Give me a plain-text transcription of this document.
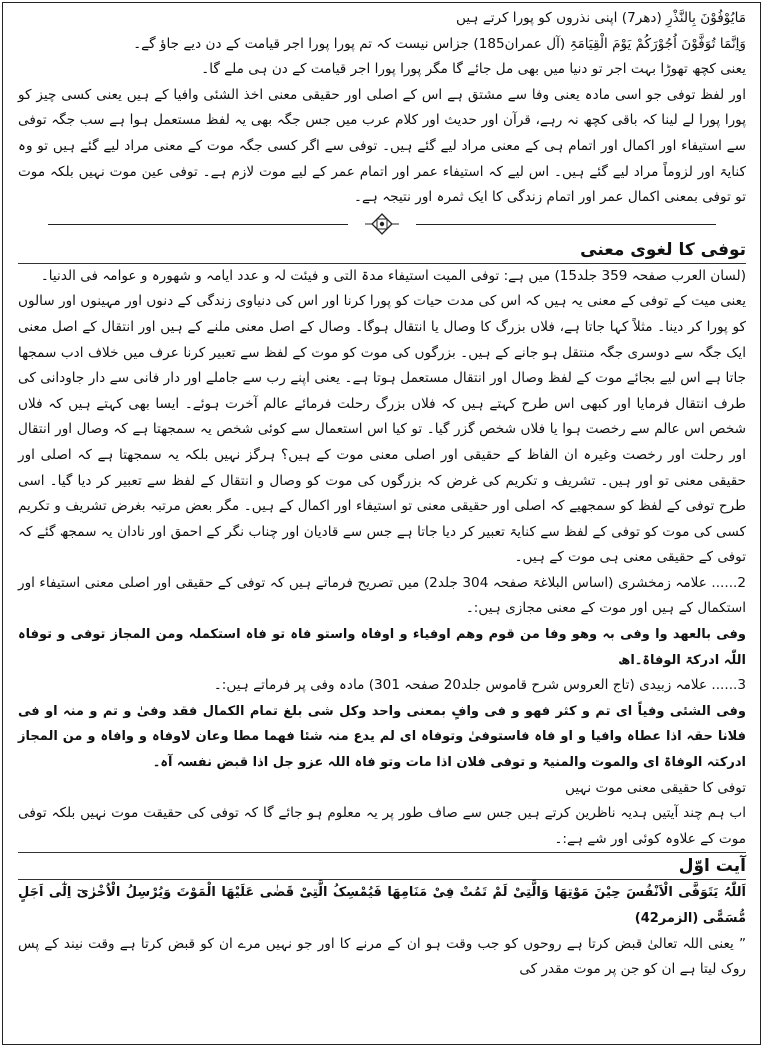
مَایُوْفُوْنَ بِالنَّذْرِ (دھر7) اپنی نذروں کو پورا کرتے ہیں

وَاِنَّمَا تُوَفَّوْنَ اُجُوْرَکُمْ یَوْمَ الْقِیَامَۃِ (آل عمران185) جزاس نیست کہ تم پورا پورا اجر قیامت کے دن دیے جاؤ گے۔

یعنی کچھ تھوڑا بہت اجر تو دنیا میں بھی مل جائے گا مگر پورا پورا اجر قیامت کے دن ہی ملے گا۔

اور لفظ توفی جو اسی مادہ یعنی وفا سے مشتق ہے اس کے اصلی اور حقیقی معنی اخذ الشئی وافیا کے ہیں یعنی کسی چیز کو پورا پورا لے لینا کہ باقی کچھ نہ رہے، قرآن اور حدیث اور کلام عرب میں جس جگہ بھی یہ لفظ مستعمل ہوا ہے سب جگہ توفی سے استیفاء اور اکمال اور اتمام ہی کے معنی مراد لیے گئے ہیں۔ توفی سے اگر کسی جگہ موت کے معنی مراد لیے گئے ہیں تو وہ کنایۃ اور لزوماً مراد لیے گئے ہیں۔ اس لیے کہ استیفاء عمر اور اتمام عمر کے لیے موت لازم ہے۔ توفی عین موت نہیں بلکہ موت تو توفی بمعنی اکمال عمر اور اتمام زندگی کا ایک ثمرہ اور نتیجہ ہے۔

توفی کا لغوی معنی

(لسان العرب صفحہ 359 جلد15) میں ہے: توفی المیت استیفاء مدۃ التی و فیئت لہ و عدد ایامہ و شھورہ و عوامہ فی الدنیا۔

یعنی میت کے توفی کے معنی یہ ہیں کہ اس کی مدت حیات کو پورا کرنا اور اس کی دنیاوی زندگی کے دنوں اور مہینوں اور سالوں کو پورا کر دینا۔ مثلاً کہا جاتا ہے، فلاں بزرگ کا وصال یا انتقال ہوگا۔ وصال کے اصل معنی ملنے کے ہیں اور انتقال کے اصل معنی ایک جگہ سے دوسری جگہ منتقل ہو جانے کے ہیں۔ بزرگوں کی موت کو موت کے لفظ سے تعبیر کرنا عرف میں خلاف ادب سمجھا جاتا ہے اس لیے بجائے موت کے لفظ وصال اور انتقال مستعمل ہوتا ہے۔ یعنی اپنے رب سے جاملے اور دار فانی سے دار جاودانی کی طرف انتقال فرمایا اور کبھی اس طرح کہتے ہیں کہ فلاں بزرگ رحلت فرمائے عالم آخرت ہوئے۔ ایسا بھی کہتے ہیں کہ فلاں شخص اس عالم سے رخصت ہوا یا فلاں شخص گزر گیا۔ تو کیا اس استعمال سے کوئی شخص یہ سمجھتا ہے کہ وصال اور انتقال اور رحلت اور رخصت وغیرہ ان الفاظ کے حقیقی اور اصلی معنی موت کے ہیں؟ ہرگز نہیں بلکہ یہ سمجھتا ہے کہ اصلی اور حقیقی معنی تو اور ہیں۔ تشریف و تکریم کی غرض کہ بزرگوں کی موت کو وصال و انتقال کے لفظ سے تعبیر کر دیا گیا۔ اسی طرح توفی کے لفظ کو سمجھیے کہ اصلی اور حقیقی معنی تو استیفاء اور اکمال کے ہیں۔ مگر بعض مرتبہ بغرض تشریف و تکریم کسی کی موت کو توفی کے لفظ سے کنایۃ تعبیر کر دیا جاتا ہے جس سے قادیان اور چناب نگر کے احمق اور نادان یہ سمجھ گئے کہ توفی کے حقیقی معنی ہی موت کے ہیں۔

2...... علامہ زمخشری (اساس البلاغۃ صفحہ 304 جلد2) میں تصریح فرماتے ہیں کہ توفی کے حقیقی اور اصلی معنی استیفاء اور استکمال کے ہیں اور موت کے معنی مجازی ہیں:۔

وفی بالعھد وا وفی بہ وھو وفا من قوم وھم اوفیاء و اوفاہ واستو فاہ تو فاہ استکملہ ومن المجاز توفی و توفاہ اللّٰہ ادرکۃ الوفاۃ۔اھ

3...... علامہ زبیدی (تاج العروس شرح قاموس جلد20 صفحہ 301) مادہ وفی پر فرماتے ہیں:۔

وفی الشئی وفیاً ای تم و کثر فھو و فی وافٍ بمعنی واحد وکل شی بلغ تمام الکمال فقد وفیٰ و تم و منہ او فی فلانا حقہ اذا عطاہ وافیا و او فاہ فاستوفیٰ وتوفاہ ای لم یدع منہ شئا فھما مطا وعان لاوفاہ و وافاہ و من المجاز ادرکتہ الوفاۃ ای والموت والمنیۃ و توفی فلان اذا مات وتو فاہ اللہ عزو جل اذا قبض نفسہ آہ۔

توفی کا حقیقی معنی موت نہیں

اب ہم چند آیتیں ہدیہ ناظرین کرتے ہیں جس سے صاف طور پر یہ معلوم ہو جائے گا کہ توفی کی حقیقت موت نہیں بلکہ توفی موت کے علاوہ کوئی اور شے ہے:۔

آیت اوّل

اَللّٰہُ یَتَوَفَّی الْاَنْفُسَ حِیْنَ مَوْتِھَا وَالَّتِیْ لَمْ تَمُتْ فِیْ مَنَامِھَا فَیُمْسِکُ الَّتِیْ قَضٰی عَلَیْھَا الْمَوْتَ وَیُرْسِلُ الْاُخْرٰیٓ اِلٰٓی اَجَلٍ مُّسَمًّی (الزمر42)

” یعنی اللہ تعالیٰ قبض کرتا ہے روحوں کو جب وقت ہو ان کے مرنے کا اور جو نہیں مرے ان کو قبض کرتا ہے وقت نیند کے پس روک لیتا ہے ان کو جن پر موت مقدر کی
